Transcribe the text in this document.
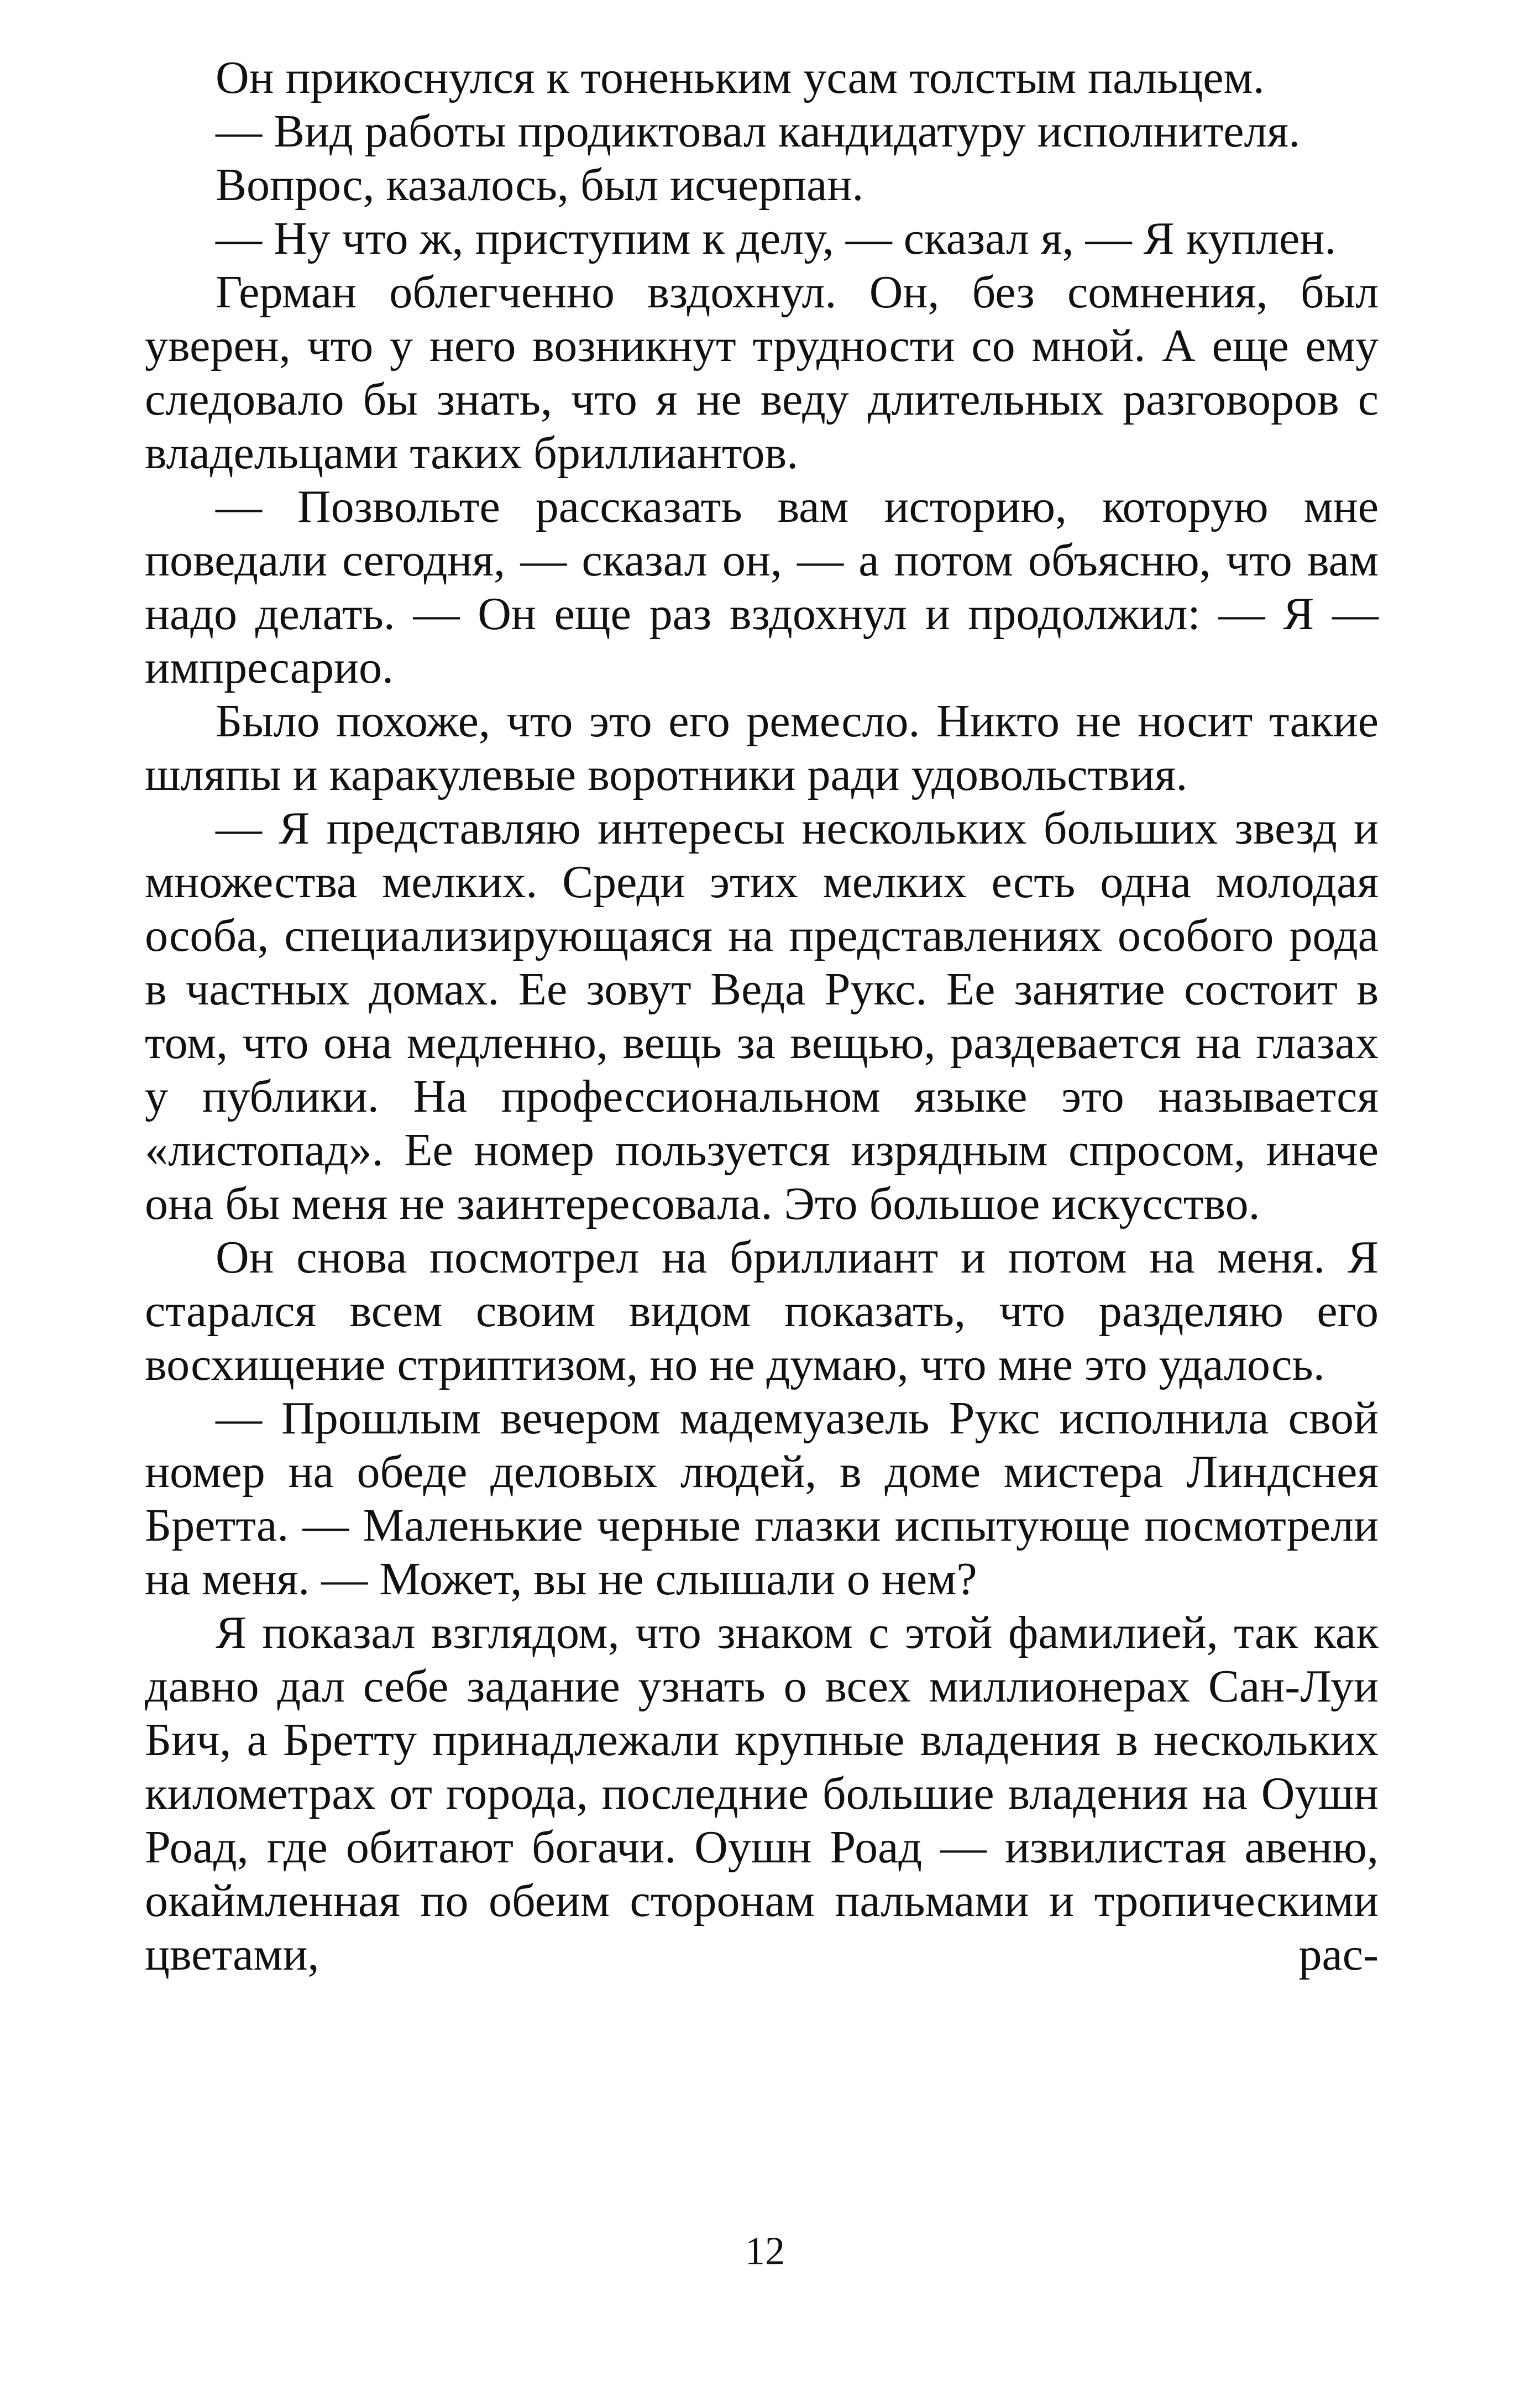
Он прикоснулся к тоненьким усам толстым пальцем.

— Вид работы продиктовал кандидатуру исполнителя.

Вопрос, казалось, был исчерпан.

— Ну что ж, приступим к делу, — сказал я, — Я куплен.

Герман облегченно вздохнул. Он, без сомнения, был уверен, что у него возникнут трудности со мной. А еще ему следовало бы знать, что я не веду длительных разговоров с владельцами таких бриллиантов.

— Позвольте рассказать вам историю, которую мне поведали сегодня, — сказал он, — а потом объясню, что вам надо делать. — Он еще раз вздохнул и продолжил: — Я — импресарио.

Было похоже, что это его ремесло. Никто не носит такие шляпы и каракулевые воротники ради удовольствия.

— Я представляю интересы нескольких больших звезд и множества мелких. Среди этих мелких есть одна молодая особа, специализирующаяся на представлениях особого рода в частных домах. Ее зовут Веда Рукс. Ее занятие состоит в том, что она медленно, вещь за вещью, раздевается на глазах у публики. На профессиональном языке это называется «листопад». Ее номер пользуется изрядным спросом, иначе она бы меня не заинтересовала. Это большое искусство.

Он снова посмотрел на бриллиант и потом на меня. Я старался всем своим видом показать, что разделяю его восхищение стриптизом, но не думаю, что мне это удалось.

— Прошлым вечером мадемуазель Рукс исполнила свой номер на обеде деловых людей, в доме мистера Линдснея Бретта. — Маленькие черные глазки испытующе посмотрели на меня. — Может, вы не слышали о нем?

Я показал взглядом, что знаком с этой фамилией, так как давно дал себе задание узнать о всех миллионерах Сан-Луи Бич, а Бретту принадлежали крупные владения в нескольких километрах от города, последние большие владения на Оушн Роад, где обитают богачи. Оушн Роад — извилистая авеню, окаймленная по обеим сторонам пальмами и тропическими цветами, рас-

12
